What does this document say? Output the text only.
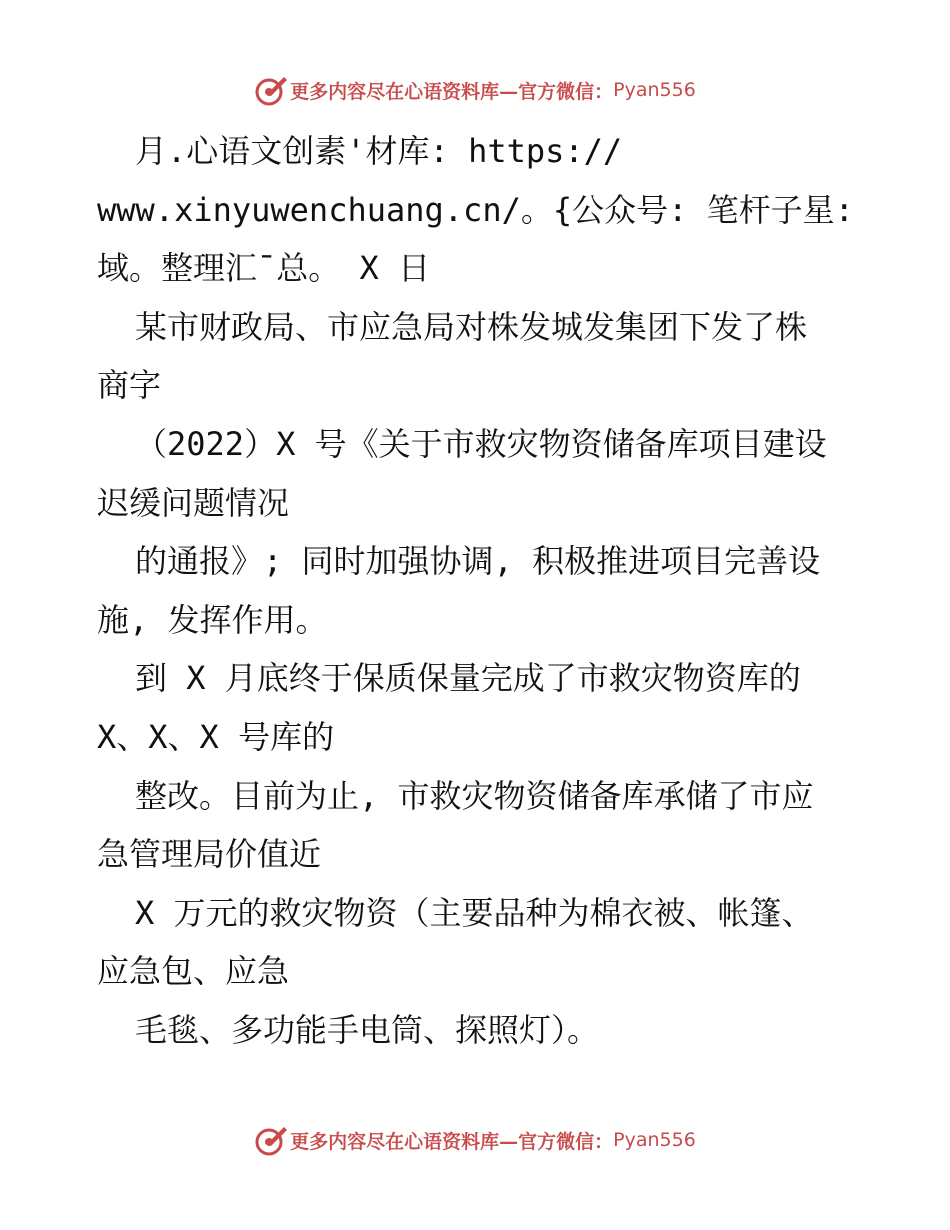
更多内容尽在心语资料库—官方微信： Pyan556
月.心语文创素'材库: https://
www.xinyuwenchuang.cn/。{公众号: 笔杆子星:
域。整理汇¯总。 X 日
某市财政局、市应急局对株发城发集团下发了株
商字
（2022）X 号《关于市救灾物资储备库项目建设
迟缓问题情况
的通报》; 同时加强协调, 积极推进项目完善设
施, 发挥作用。
到 X 月底终于保质保量完成了市救灾物资库的
X、X、X 号库的
整改。目前为止, 市救灾物资储备库承储了市应
急管理局价值近
X 万元的救灾物资（主要品种为棉衣被、帐篷、
应急包、应急
毛毯、多功能手电筒、探照灯）。
更多内容尽在心语资料库—官方微信： Pyan556
